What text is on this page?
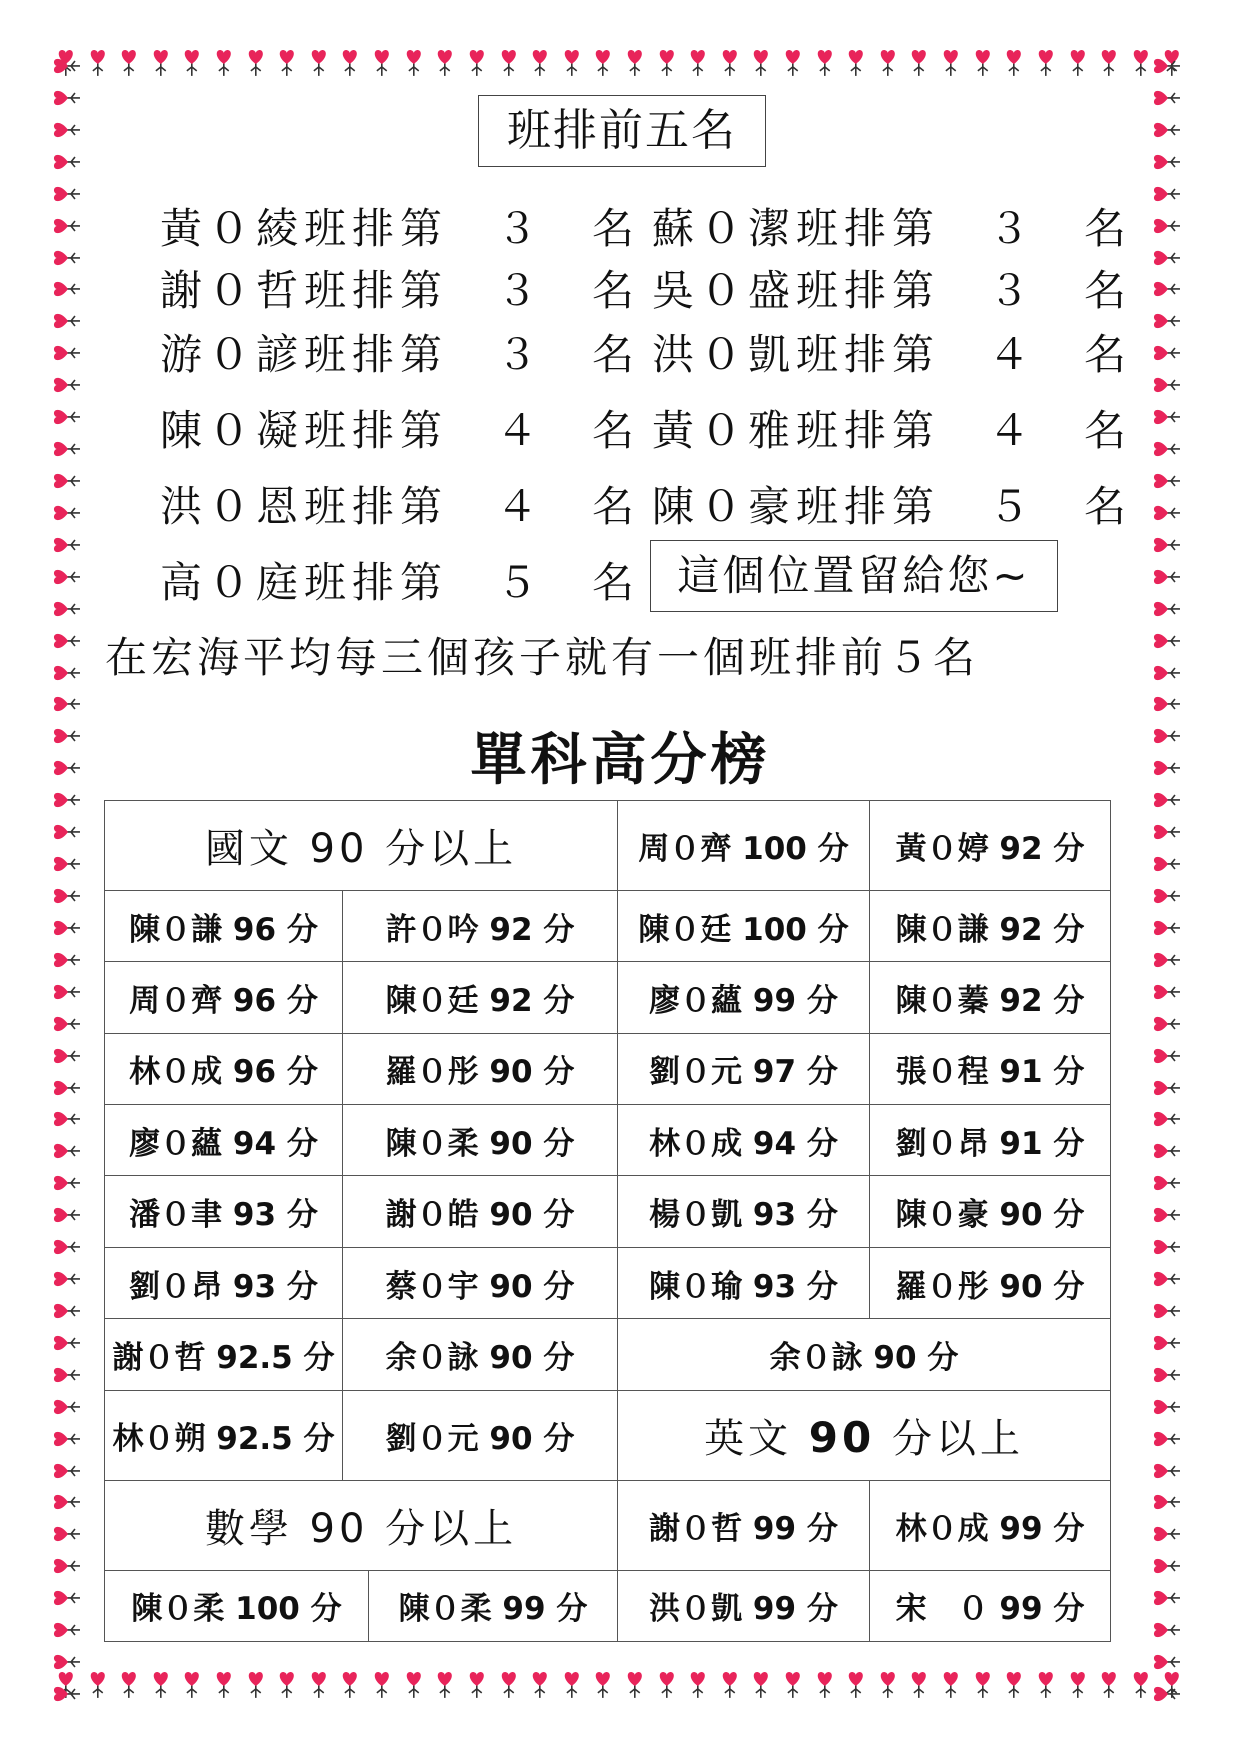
班排前五名
黃０綾班排第　３　名 蘇０潔班排第　３　名
謝０哲班排第　３　名 吳０盛班排第　３　名
游０諺班排第　３　名 洪０凱班排第　４　名
陳０凝班排第　４　名 黃０雅班排第　４　名
洪０恩班排第　４　名 陳０豪班排第　５　名
高０庭班排第　５　名 這個位置留給您~
在宏海平均每三個孩子就有一個班排前５名
單科高分榜
國文 90 分以上			周０齊 100 分	黃０婷 92 分
陳０謙 96 分	許０吟 92 分		陳０廷 100 分	陳０謙 92 分
周０齊 96 分	陳０廷 92 分		廖０蘊 99 分	陳０蓁 92 分
林０成 96 分	羅０彤 90 分		劉０元 97 分	張０程 91 分
廖０蘊 94 分	陳０柔 90 分		林０成 94 分	劉０昂 91 分
潘０聿 93 分	謝０皓 90 分		楊０凱 93 分	陳０豪 90 分
劉０昂 93 分	蔡０宇 90 分		陳０瑜 93 分	羅０彤 90 分
謝０哲 92.5 分	余０詠 90 分		余０詠 90 分	
林０朔 92.5 分	劉０元 90 分		英文 90 分以上	
數學 90 分以上			謝０哲 99 分	林０成 99 分
陳０柔 100 分		陳０柔 99 分	洪０凱 99 分	宋　０ 99 分
